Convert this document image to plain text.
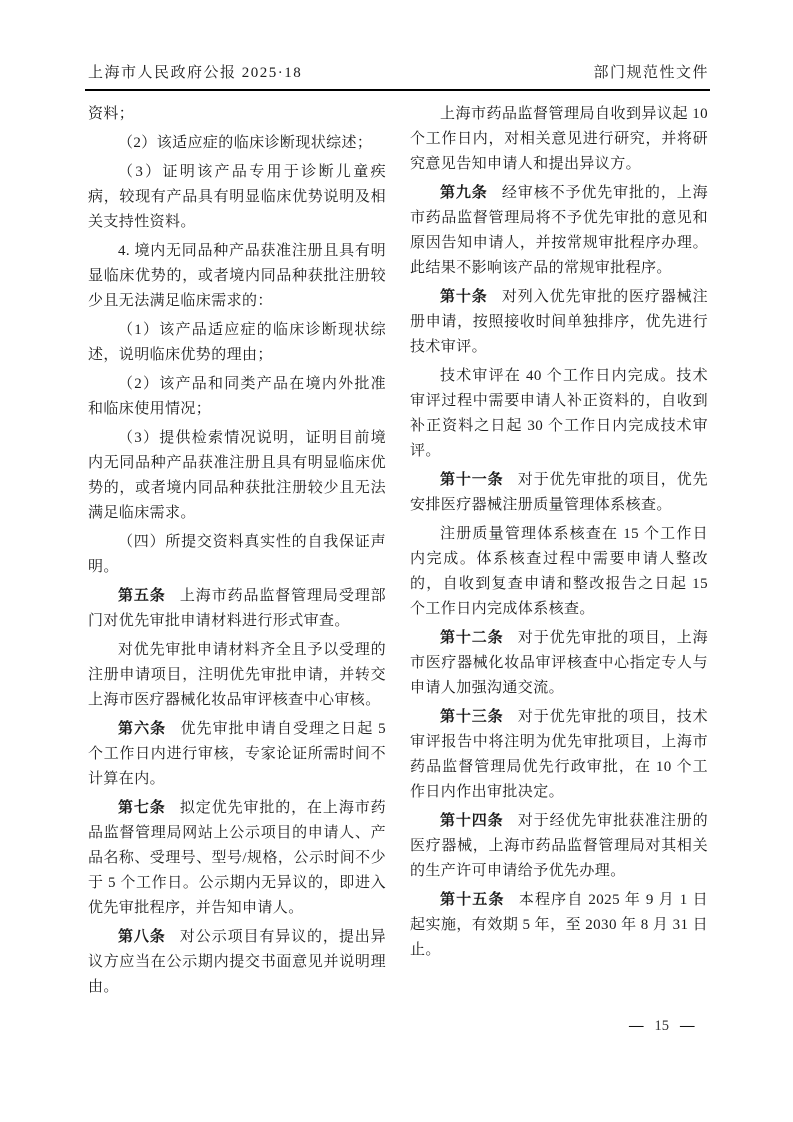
上海市人民政府公报 2025·18	部门规范性文件

资料；

（2）该适应症的临床诊断现状综述；

（3）证明该产品专用于诊断儿童疾病，较现有产品具有明显临床优势说明及相关支持性资料。

4. 境内无同品种产品获准注册且具有明显临床优势的，或者境内同品种获批注册较少且无法满足临床需求的：

（1）该产品适应症的临床诊断现状综述，说明临床优势的理由；

（2）该产品和同类产品在境内外批准和临床使用情况；

（3）提供检索情况说明，证明目前境内无同品种产品获准注册且具有明显临床优势的，或者境内同品种获批注册较少且无法满足临床需求。

（四）所提交资料真实性的自我保证声明。

第五条 上海市药品监督管理局受理部门对优先审批申请材料进行形式审查。

对优先审批申请材料齐全且予以受理的注册申请项目，注明优先审批申请，并转交上海市医疗器械化妆品审评核查中心审核。

第六条 优先审批申请自受理之日起 5 个工作日内进行审核，专家论证所需时间不计算在内。

第七条 拟定优先审批的，在上海市药品监督管理局网站上公示项目的申请人、产品名称、受理号、型号/规格，公示时间不少于 5 个工作日。公示期内无异议的，即进入优先审批程序，并告知申请人。

第八条 对公示项目有异议的，提出异议方应当在公示期内提交书面意见并说明理由。

上海市药品监督管理局自收到异议起 10 个工作日内，对相关意见进行研究，并将研究意见告知申请人和提出异议方。

第九条 经审核不予优先审批的，上海市药品监督管理局将不予优先审批的意见和原因告知申请人，并按常规审批程序办理。此结果不影响该产品的常规审批程序。

第十条 对列入优先审批的医疗器械注册申请，按照接收时间单独排序，优先进行技术审评。

技术审评在 40 个工作日内完成。技术审评过程中需要申请人补正资料的，自收到补正资料之日起 30 个工作日内完成技术审评。

第十一条 对于优先审批的项目，优先安排医疗器械注册质量管理体系核查。

注册质量管理体系核查在 15 个工作日内完成。体系核查过程中需要申请人整改的，自收到复查申请和整改报告之日起 15 个工作日内完成体系核查。

第十二条 对于优先审批的项目，上海市医疗器械化妆品审评核查中心指定专人与申请人加强沟通交流。

第十三条 对于优先审批的项目，技术审评报告中将注明为优先审批项目，上海市药品监督管理局优先行政审批，在 10 个工作日内作出审批决定。

第十四条 对于经优先审批获准注册的医疗器械，上海市药品监督管理局对其相关的生产许可申请给予优先办理。

第十五条 本程序自 2025 年 9 月 1 日起实施，有效期 5 年，至 2030 年 8 月 31 日止。

— 15 —
